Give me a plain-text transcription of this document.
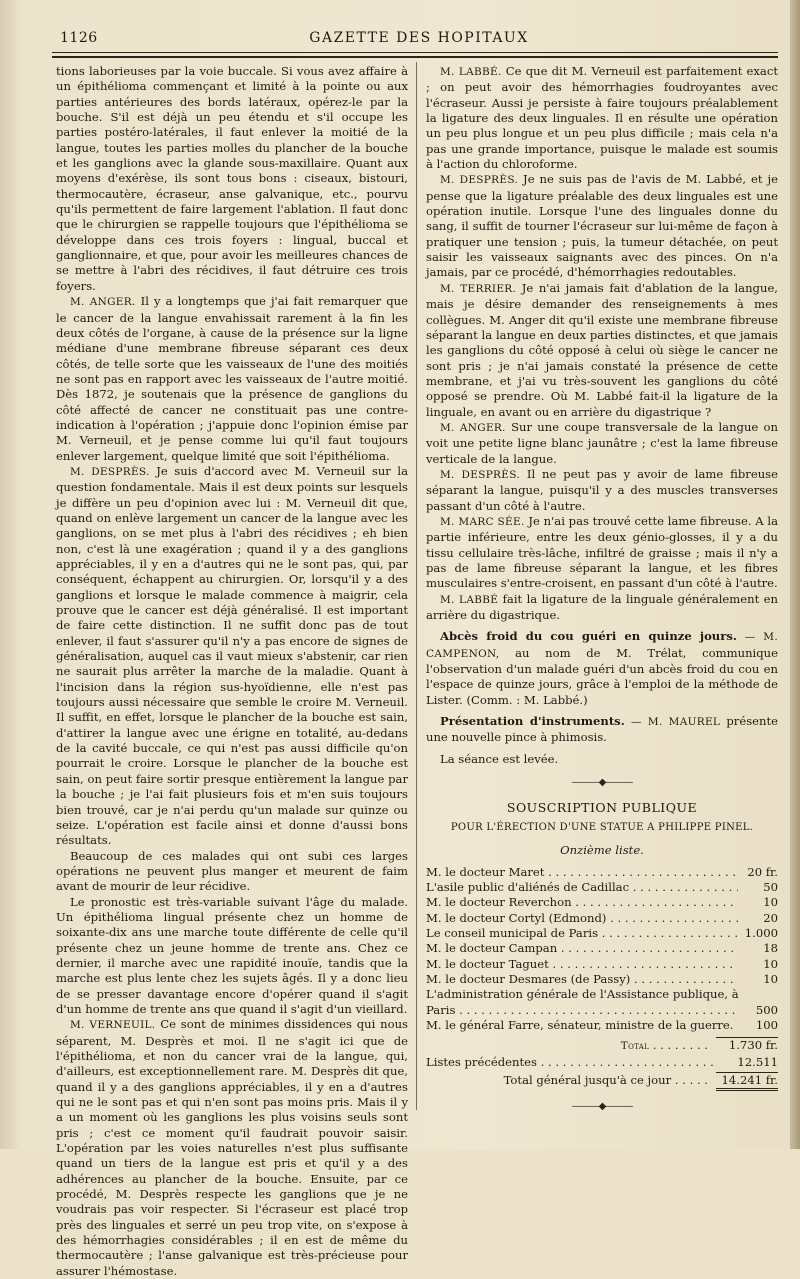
GAZETTE DES HOPITAUX
1126

tions laborieuses par la voie buccale. Si vous avez affaire à un épithélioma commençant et limité à la pointe ou aux parties antérieures des bords latéraux, opérez-le par la bouche. S'il est déjà un peu étendu et s'il occupe les parties postéro-latérales, il faut enlever la moitié de la langue, toutes les parties molles du plancher de la bouche et les ganglions avec la glande sous-maxillaire. Quant aux moyens d'exérèse, ils sont tous bons : ciseaux, bistouri, thermocautère, écraseur, anse galvanique, etc., pourvu qu'ils permettent de faire largement l'ablation. Il faut donc que le chirurgien se rappelle toujours que l'épithélioma se développe dans ces trois foyers : lingual, buccal et ganglionnaire, et que, pour avoir les meilleures chances de se mettre à l'abri des récidives, il faut détruire ces trois foyers.

M. ANGER. Il y a longtemps que j'ai fait remarquer que le cancer de la langue envahissait rarement à la fin les deux côtés de l'organe, à cause de la présence sur la ligne médiane d'une membrane fibreuse séparant ces deux côtés, de telle sorte que les vaisseaux de l'une des moitiés ne sont pas en rapport avec les vaisseaux de l'autre moitié. Dès 1872, je soutenais que la présence de ganglions du côté affecté de cancer ne constituait pas une contre-indication à l'opération ; j'appuie donc l'opinion émise par M. Verneuil, et je pense comme lui qu'il faut toujours enlever largement, quelque limité que soit l'épithélioma.

M. DESPRÈS. Je suis d'accord avec M. Verneuil sur la question fondamentale. Mais il est deux points sur lesquels je diffère un peu d'opinion avec lui : M. Verneuil dit que, quand on enlève largement un cancer de la langue avec les ganglions, on se met plus à l'abri des récidives ; eh bien non, c'est là une exagération ; quand il y a des ganglions appréciables, il y en a d'autres qui ne le sont pas, qui, par conséquent, échappent au chirurgien. Or, lorsqu'il y a des ganglions et lorsque le malade commence à maigrir, cela prouve que le cancer est déjà généralisé. Il est important de faire cette distinction. Il ne suffit donc pas de tout enlever, il faut s'assurer qu'il n'y a pas encore de signes de généralisation, auquel cas il vaut mieux s'abstenir, car rien ne saurait plus arrêter la marche de la maladie. Quant à l'incision dans la région sus-hyoïdienne, elle n'est pas toujours aussi nécessaire que semble le croire M. Verneuil. Il suffit, en effet, lorsque le plancher de la bouche est sain, d'attirer la langue avec une érigne en totalité, au-dedans de la cavité buccale, ce qui n'est pas aussi difficile qu'on pourrait le croire. Lorsque le plancher de la bouche est sain, on peut faire sortir presque entièrement la langue par la bouche ; je l'ai fait plusieurs fois et m'en suis toujours bien trouvé, car je n'ai perdu qu'un malade sur quinze ou seize. L'opération est facile ainsi et donne d'aussi bons résultats.

Beaucoup de ces malades qui ont subi ces larges opérations ne peuvent plus manger et meurent de faim avant de mourir de leur récidive.

Le pronostic est très-variable suivant l'âge du malade. Un épithélioma lingual présente chez un homme de soixante-dix ans une marche toute différente de celle qu'il présente chez un jeune homme de trente ans. Chez ce dernier, il marche avec une rapidité inouïe, tandis que la marche est plus lente chez les sujets âgés. Il y a donc lieu de se presser davantage encore d'opérer quand il s'agit d'un homme de trente ans que quand il s'agit d'un vieillard.

M. VERNEUIL. Ce sont de minimes dissidences qui nous séparent, M. Desprès et moi. Il ne s'agit ici que de l'épithélioma, et non du cancer vrai de la langue, qui, d'ailleurs, est exceptionnellement rare. M. Desprès dit que, quand il y a des ganglions appréciables, il y en a d'autres qui ne le sont pas et qui n'en sont pas moins pris. Mais il y a un moment où les ganglions les plus voisins seuls sont pris ; c'est ce moment qu'il faudrait pouvoir saisir. L'opération par les voies naturelles n'est plus suffisante quand un tiers de la langue est pris et qu'il y a des adhérences au plancher de la bouche. Ensuite, par ce procédé, M. Desprès respecte les ganglions que je ne voudrais pas voir respecter. Si l'écraseur est placé trop près des linguales et serré un peu trop vite, on s'expose à des hémorrhagies considérables ; il en est de même du thermocautère ; l'anse galvanique est très-précieuse pour assurer l'hémostase.

M. LABBÉ. Ce que dit M. Verneuil est parfaitement exact ; on peut avoir des hémorrhagies foudroyantes avec l'écraseur. Aussi je persiste à faire toujours préalablement la ligature des deux linguales. Il en résulte une opération un peu plus longue et un peu plus difficile ; mais cela n'a pas une grande importance, puisque le malade est soumis à l'action du chloroforme.

M. DESPRÈS. Je ne suis pas de l'avis de M. Labbé, et je pense que la ligature préalable des deux linguales est une opération inutile. Lorsque l'une des linguales donne du sang, il suffit de tourner l'écraseur sur lui-même de façon à pratiquer une tension ; puis, la tumeur détachée, on peut saisir les vaisseaux saignants avec des pinces. On n'a jamais, par ce procédé, d'hémorrhagies redoutables.

M. TERRIER. Je n'ai jamais fait d'ablation de la langue, mais je désire demander des renseignements à mes collègues. M. Anger dit qu'il existe une membrane fibreuse séparant la langue en deux parties distinctes, et que jamais les ganglions du côté opposé à celui où siège le cancer ne sont pris ; je n'ai jamais constaté la présence de cette membrane, et j'ai vu très-souvent les ganglions du côté opposé se prendre. Où M. Labbé fait-il la ligature de la linguale, en avant ou en arrière du digastrique ?

M. ANGER. Sur une coupe transversale de la langue on voit une petite ligne blanc jaunâtre ; c'est la lame fibreuse verticale de la langue.

M. DESPRÈS. Il ne peut pas y avoir de lame fibreuse séparant la langue, puisqu'il y a des muscles transverses passant d'un côté à l'autre.

M. MARC SÉE. Je n'ai pas trouvé cette lame fibreuse. A la partie inférieure, entre les deux génio-glosses, il y a du tissu cellulaire très-lâche, infiltré de graisse ; mais il n'y a pas de lame fibreuse séparant la langue, et les fibres musculaires s'entre-croisent, en passant d'un côté à l'autre.

M. LABBÉ fait la ligature de la linguale généralement en arrière du digastrique.

Abcès froid du cou guéri en quinze jours. — M. CAMPENON, au nom de M. Trélat, communique l'observation d'un malade guéri d'un abcès froid du cou en l'espace de quinze jours, grâce à l'emploi de la méthode de Lister. (Comm. : M. Labbé.)

Présentation d'instruments. — M. MAUREL présente une nouvelle pince à phimosis.

La séance est levée.

———◆———
SOUSCRIPTION PUBLIQUE
POUR L'ÉRECTION D'UNE STATUE A PHILIPPE PINEL.
Onzième liste.
M. le docteur Maret . . .	20 fr.
L'asile public d'aliénés de Cadillac . . .	50
M. le docteur Reverchon . . .	10
M. le docteur Cortyl (Edmond) . . .	20
Le conseil municipal de Paris . . .	1.000
M. le docteur Campan . . .	18
M. le docteur Taguet . . .	10
M. le docteur Desmares (de Passy) . . .	10
L'administration générale de l'Assistance publique, à
Paris . . .	500
M. le général Farre, sénateur, ministre de la guerre.	100
Total . . . . . . . .	1.730 fr.
Listes précédentes . . .	12.511
Total général jusqu'à ce jour . . . . .	14.241 fr.
———◆———
